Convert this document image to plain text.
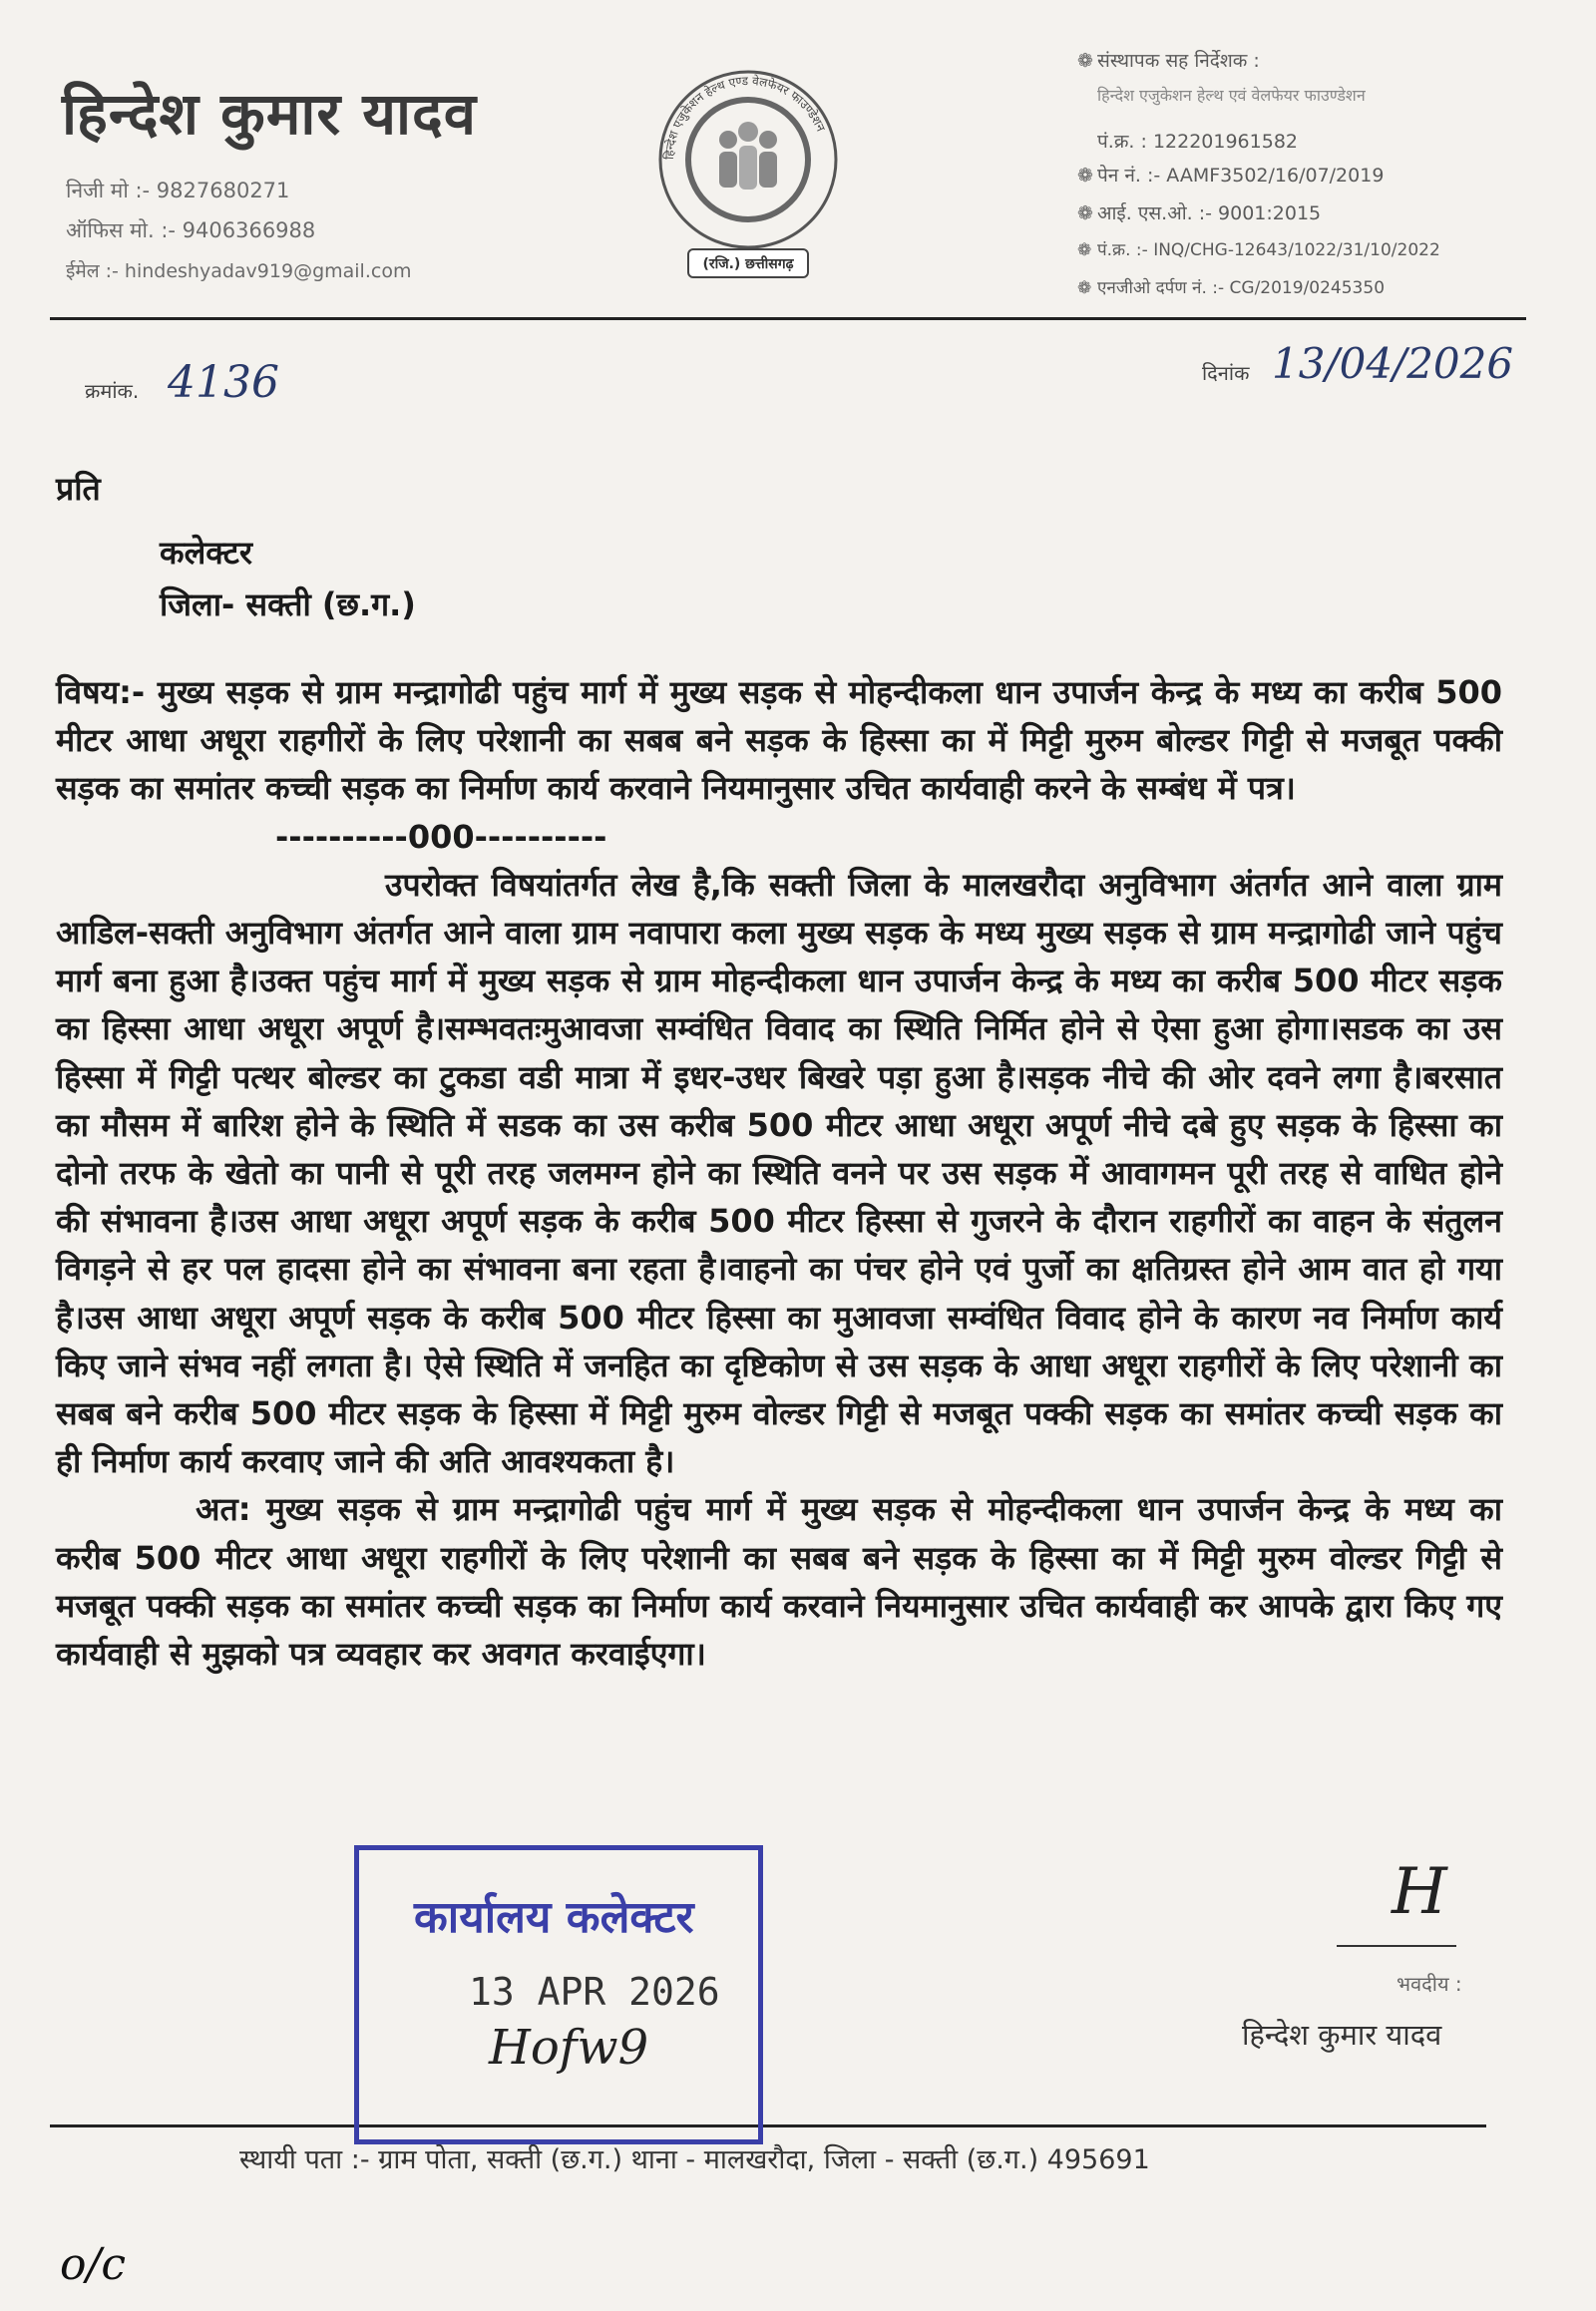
हिन्देश कुमार यादव
निजी मो :- 9827680271
ऑफिस मो. :- 9406366988
ईमेल :- hindeshyadav919@gmail.com
हिन्देश एजुकेशन हेल्थ एण्ड वेलफेयर फाउण्डेशन
(रजि.) छत्तीसगढ़
❁ संस्थापक सह निर्देशक :
हिन्देश एजुकेशन हेल्थ एवं वेलफेयर फाउण्डेशन
पं.क्र. : 122201961582
❁ पेन नं. :- AAMF3502/16/07/2019
❁ आई. एस.ओ. :- 9001:2015
❁ पं.क्र. :- INQ/CHG-12643/1022/31/10/2022
❁ एनजीओ दर्पण नं. :- CG/2019/0245350
क्रमांक. 4136	दिनांक 13/04/2026
प्रति
कलेक्टर
जिला- सक्ती (छ.ग.)

विषय:- मुख्य सड़क से ग्राम मन्द्रागोढी पहुंच मार्ग में मुख्य सड़क से मोहन्दीकला धान उपार्जन केन्द्र के मध्य का करीब 500 मीटर आधा अधूरा राहगीरों के लिए परेशानी का सबब बने सड़क के हिस्सा का में मिट्टी मुरुम बोल्डर गिट्टी से मजबूत पक्की सड़क का समांतर कच्ची सड़क का निर्माण कार्य करवाने नियमानुसार उचित कार्यवाही करने के सम्बंध में पत्र।

----------000----------

उपरोक्त विषयांतर्गत लेख है,कि सक्ती जिला के मालखरौदा अनुविभाग अंतर्गत आने वाला ग्राम आडिल-सक्ती अनुविभाग अंतर्गत आने वाला ग्राम नवापारा कला मुख्य सड़क के मध्य मुख्य सड़क से ग्राम मन्द्रागोढी जाने पहुंच मार्ग बना हुआ है।उक्त पहुंच मार्ग में मुख्य सड़क से ग्राम मोहन्दीकला धान उपार्जन केन्द्र के मध्य का करीब 500 मीटर सड़क का हिस्सा आधा अधूरा अपूर्ण है।सम्भवतःमुआवजा सम्वंधित विवाद का स्थिति निर्मित होने से ऐसा हुआ होगा।सडक का उस हिस्सा में गिट्टी पत्थर बोल्डर का टुकडा वडी मात्रा में इधर-उधर बिखरे पड़ा हुआ है।सड़क नीचे की ओर दवने लगा है।बरसात का मौसम में बारिश होने के स्थिति में सडक का उस करीब 500 मीटर आधा अधूरा अपूर्ण नीचे दबे हुए सड़क के हिस्सा का दोनो तरफ के खेतो का पानी से पूरी तरह जलमग्न होने का स्थिति वनने पर उस सड़क में आवागमन पूरी तरह से वाधित होने की संभावना है।उस आधा अधूरा अपूर्ण सड़क के करीब 500 मीटर हिस्सा से गुजरने के दौरान राहगीरों का वाहन के संतुलन विगड़ने से हर पल हादसा होने का संभावना बना रहता है।वाहनो का पंचर होने एवं पुर्जो का क्षतिग्रस्त होने आम वात हो गया है।उस आधा अधूरा अपूर्ण सड़क के करीब 500 मीटर हिस्सा का मुआवजा सम्वंधित विवाद होने के कारण नव निर्माण कार्य किए जाने संभव नहीं लगता है। ऐसे स्थिति में जनहित का दृष्टिकोण से उस सड़क के आधा अधूरा राहगीरों के लिए परेशानी का सबब बने करीब 500 मीटर सड़क के हिस्सा में मिट्टी मुरुम वोल्डर गिट्टी से मजबूत पक्की सड़क का समांतर कच्ची सड़क का ही निर्माण कार्य करवाए जाने की अति आवश्यकता है।

अत: मुख्य सड़क से ग्राम मन्द्रागोढी पहुंच मार्ग में मुख्य सड़क से मोहन्दीकला धान उपार्जन केन्द्र के मध्य का करीब 500 मीटर आधा अधूरा राहगीरों के लिए परेशानी का सबब बने सड़क के हिस्सा का में मिट्टी मुरुम वोल्डर गिट्टी से मजबूत पक्की सड़क का समांतर कच्ची सड़क का निर्माण कार्य करवाने नियमानुसार उचित कार्यवाही कर आपके द्वारा किए गए कार्यवाही से मुझको पत्र व्यवहार कर अवगत करवाईएगा।

H
भवदीय :
हिन्देश कुमार यादव
स्थायी पता :- ग्राम पोता, सक्ती (छ.ग.) थाना - मालखरौदा, जिला - सक्ती (छ.ग.) 495691
कार्यालय कलेक्टर
13 APR 2026
Hofw9
o/c
